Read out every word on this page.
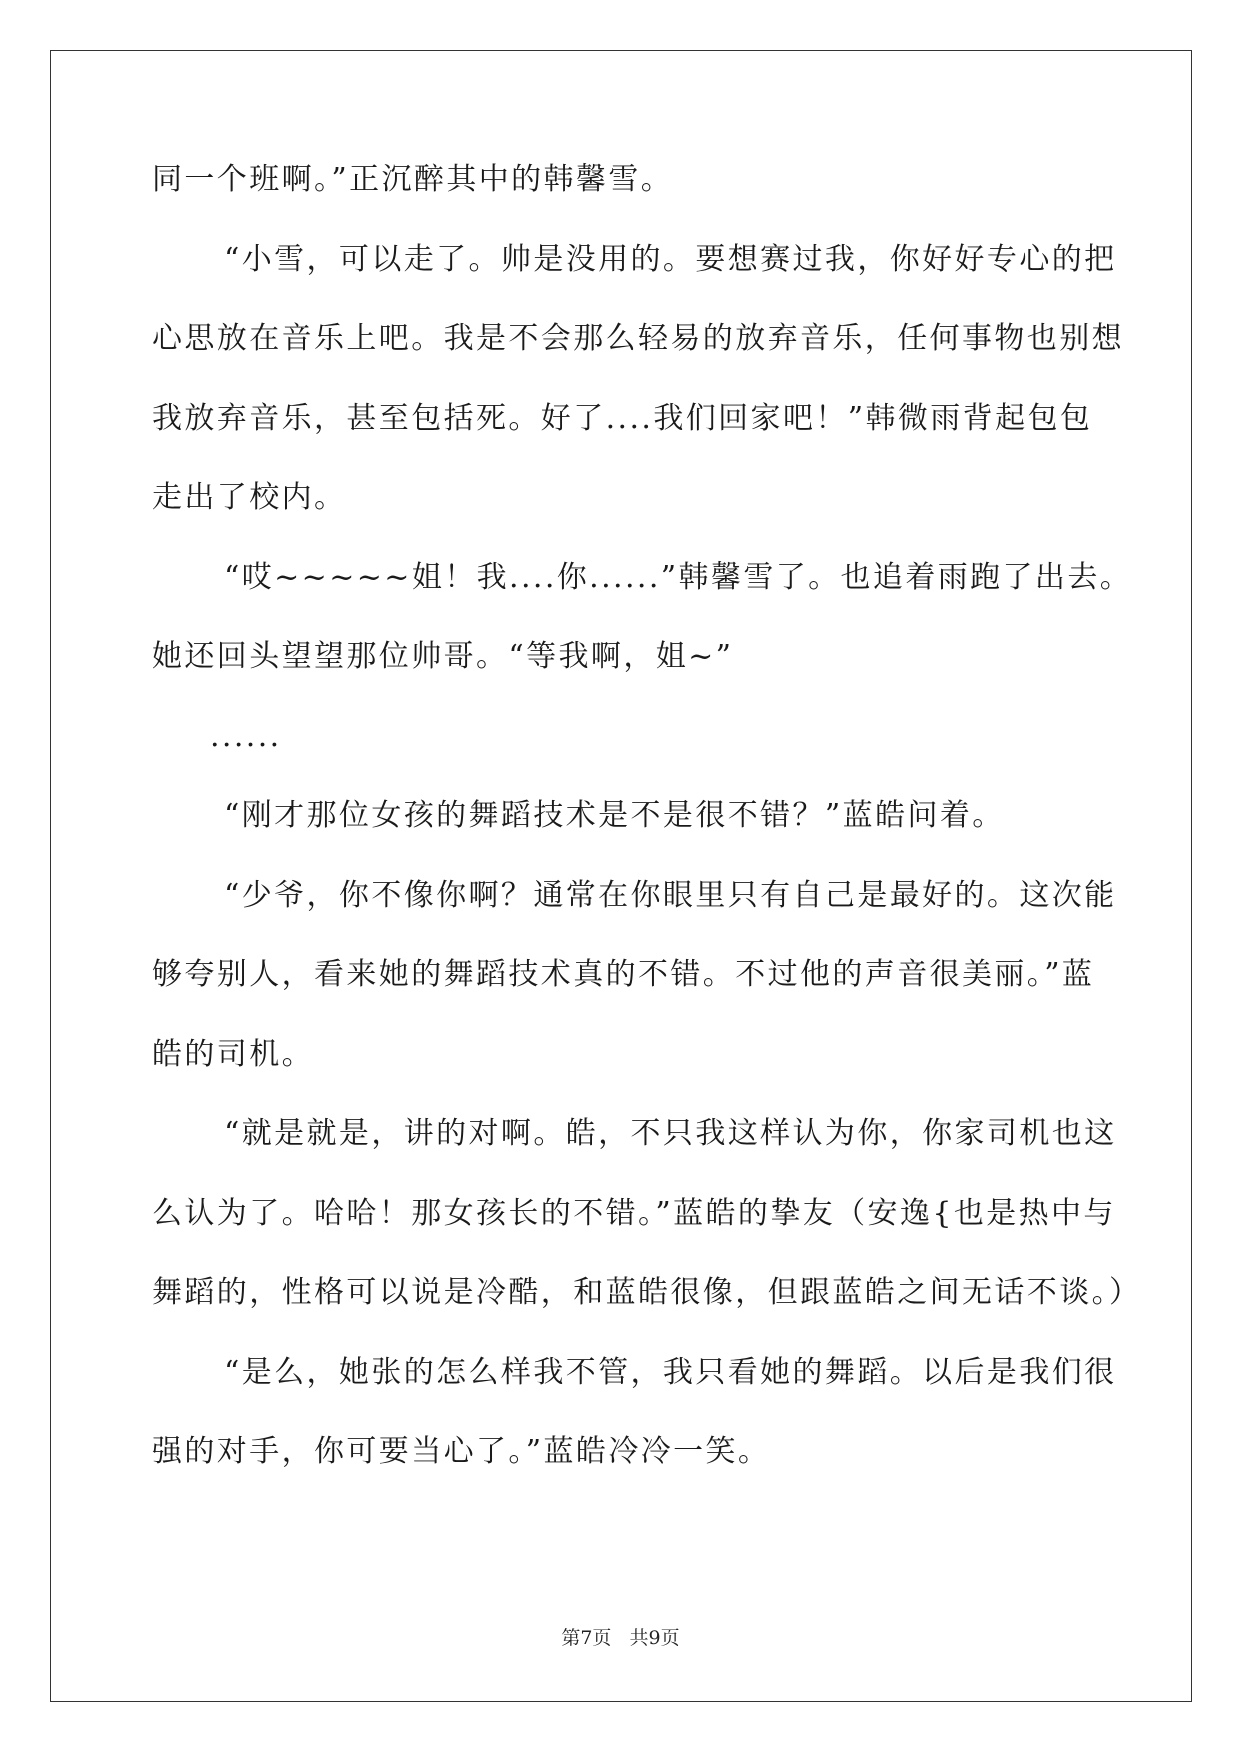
同一个班啊。”正沉醉其中的韩馨雪。
“小雪，可以走了。帅是没用的。要想赛过我，你好好专心的把
心思放在音乐上吧。我是不会那么轻易的放弃音乐，任何事物也别想
我放弃音乐，甚至包括死。好了....我们回家吧！”韩微雨背起包包
走出了校内。
“哎~~~~~姐！我....你......”韩馨雪了。也追着雨跑了出去。
她还回头望望那位帅哥。“等我啊，姐~”
......
“刚才那位女孩的舞蹈技术是不是很不错？”蓝皓问着。
“少爷，你不像你啊？通常在你眼里只有自己是最好的。这次能
够夸别人，看来她的舞蹈技术真的不错。不过他的声音很美丽。”蓝
皓的司机。
“就是就是，讲的对啊。皓，不只我这样认为你，你家司机也这
么认为了。哈哈！那女孩长的不错。”蓝皓的挚友（安逸{也是热中与
舞蹈的，性格可以说是冷酷，和蓝皓很像，但跟蓝皓之间无话不谈。）
“是么，她张的怎么样我不管，我只看她的舞蹈。以后是我们很
强的对手，你可要当心了。”蓝皓冷冷一笑。
第7页   共9页
